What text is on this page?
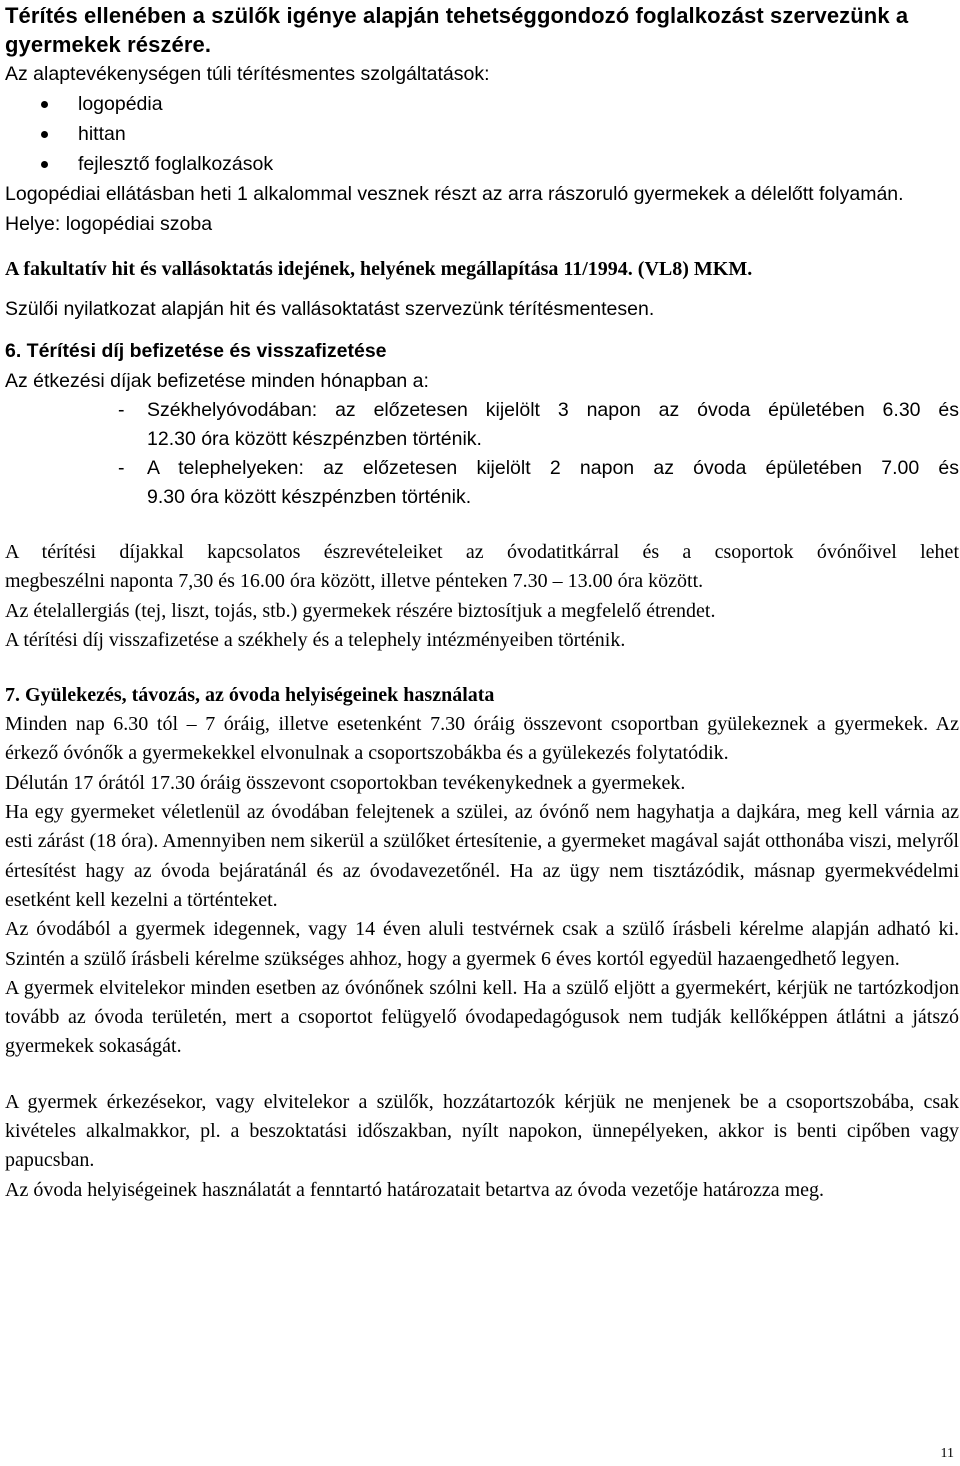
Térítés ellenében a szülők igénye alapján tehetséggondozó foglalkozást szervezünk a gyermekek részére.

Az alaptevékenységen túli térítésmentes szolgáltatások:

logopédia
hittan
fejlesztő foglalkozások

Logopédiai ellátásban heti 1 alkalommal vesznek részt az arra rászoruló gyermekek a délelőtt folyamán.

Helye: logopédiai szoba

A fakultatív hit és vallásoktatás idejének, helyének megállapítása 11/1994. (VL8) MKM.

Szülői nyilatkozat alapján hit és vallásoktatást szervezünk térítésmentesen.

6. Térítési díj befizetése és visszafizetése

Az étkezési díjak befizetése minden hónapban a:

- Székhelyóvodában: az előzetesen kijelölt 3 napon az óvoda épületében 6.30 és
12.30 óra között készpénzben történik.
- A telephelyeken: az előzetesen kijelölt 2 napon az óvoda épületében 7.00 és
9.30 óra között készpénzben történik.
A térítési díjakkal kapcsolatos észrevételeiket az óvodatitkárral és a csoportok óvónőivel lehet
megbeszélni naponta 7,30 és 16.00 óra között, illetve pénteken 7.30 – 13.00 óra között.

Az ételallergiás (tej, liszt, tojás, stb.) gyermekek részére biztosítjuk a megfelelő étrendet.

A térítési díj visszafizetése a székhely és a telephely intézményeiben történik.

7. Gyülekezés, távozás, az óvoda helyiségeinek használata

Minden nap 6.30 tól – 7 óráig, illetve esetenként 7.30 óráig összevont csoportban gyülekeznek a gyermekek. Az érkező óvónők a gyermekekkel elvonulnak a csoportszobákba és a gyülekezés folytatódik.

Délután 17 órától 17.30 óráig összevont csoportokban tevékenykednek a gyermekek.

Ha egy gyermeket véletlenül az óvodában felejtenek a szülei, az óvónő nem hagyhatja a dajkára, meg kell várnia az esti zárást (18 óra). Amennyiben nem sikerül a szülőket értesítenie, a gyermeket magával saját otthonába viszi, melyről értesítést hagy az óvoda bejáratánál és az óvodavezetőnél. Ha az ügy nem tisztázódik, másnap gyermekvédelmi esetként kell kezelni a történteket.

Az óvodából a gyermek idegennek, vagy 14 éven aluli testvérnek csak a szülő írásbeli kérelme alapján adható ki. Szintén a szülő írásbeli kérelme szükséges ahhoz, hogy a gyermek 6 éves kortól egyedül hazaengedhető legyen.

A gyermek elvitelekor minden esetben az óvónőnek szólni kell. Ha a szülő eljött a gyermekért, kérjük ne tartózkodjon tovább az óvoda területén, mert a csoportot felügyelő óvodapedagógusok nem tudják kellőképpen átlátni a játszó gyermekek sokaságát.

A gyermek érkezésekor, vagy elvitelekor a szülők, hozzátartozók kérjük ne menjenek be a csoportszobába, csak kivételes alkalmakkor, pl. a beszoktatási időszakban, nyílt napokon, ünnepélyeken, akkor is benti cipőben vagy papucsban.

Az óvoda helyiségeinek használatát a fenntartó határozatait betartva az óvoda vezetője határozza meg.

11
